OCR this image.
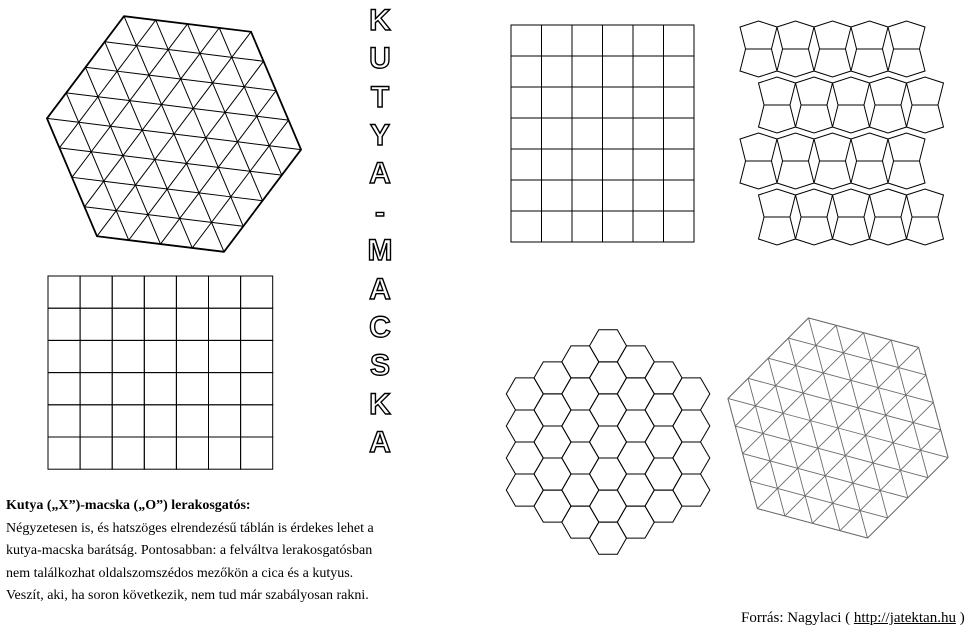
K
U
T
Y
A
-
M
A
C
S
K
A
Kutya („X”)-macska („O”) lerakosgatós:
Négyzetesen is, és hatszöges elrendezésű táblán is érdekes lehet a
kutya-macska barátság. Pontosabban: a felváltva lerakosgatósban
nem találkozhat oldalszomszédos mezőkön a cica és a kutyus.
Veszít, aki, ha soron következik, nem tud már szabályosan rakni.
Forrás: Nagylaci ( http://jatektan.hu )
